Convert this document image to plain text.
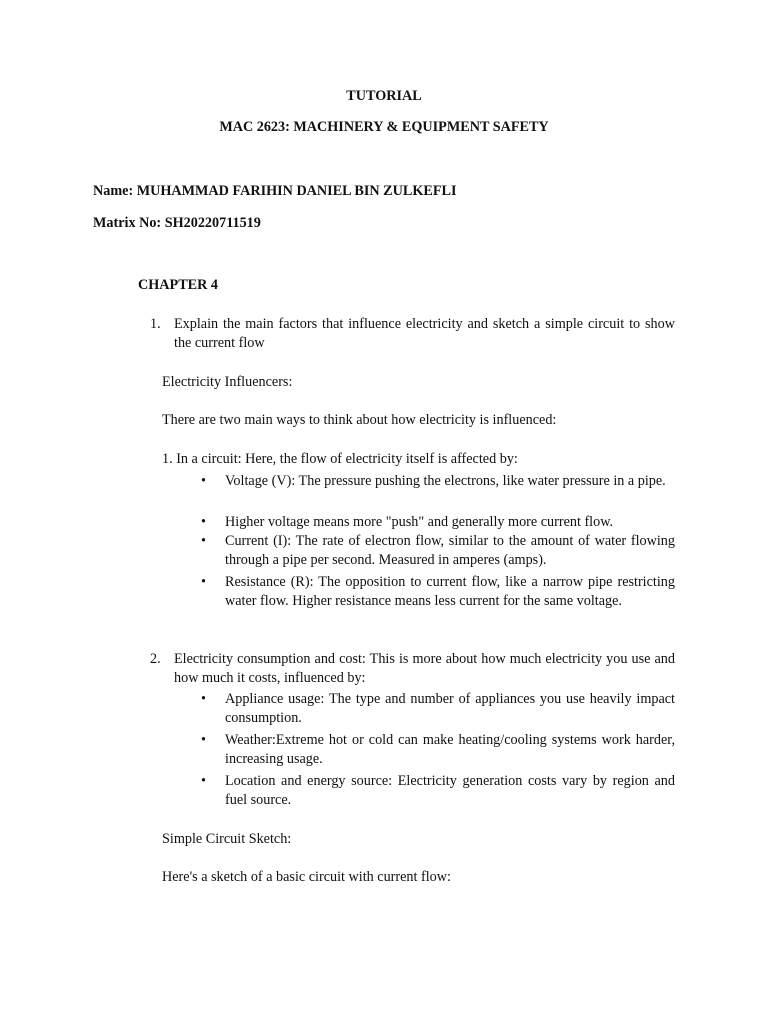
TUTORIAL
MAC 2623: MACHINERY & EQUIPMENT SAFETY
Name: MUHAMMAD FARIHIN DANIEL BIN ZULKEFLI
Matrix No: SH20220711519
CHAPTER 4
1. Explain the main factors that influence electricity and sketch a simple circuit to show the current flow
Electricity Influencers:
There are two main ways to think about how electricity is influenced:
1. In a circuit: Here, the flow of electricity itself is affected by:
• Voltage (V): The pressure pushing the electrons, like water pressure in a pipe.
• Higher voltage means more "push" and generally more current flow.
• Current (I): The rate of electron flow, similar to the amount of water flowing through a pipe per second. Measured in amperes (amps).
• Resistance (R): The opposition to current flow, like a narrow pipe restricting water flow. Higher resistance means less current for the same voltage.
2. Electricity consumption and cost: This is more about how much electricity you use and how much it costs, influenced by:
• Appliance usage: The type and number of appliances you use heavily impact consumption.
• Weather:Extreme hot or cold can make heating/cooling systems work harder, increasing usage.
• Location and energy source: Electricity generation costs vary by region and fuel source.
Simple Circuit Sketch:
Here's a sketch of a basic circuit with current flow:
